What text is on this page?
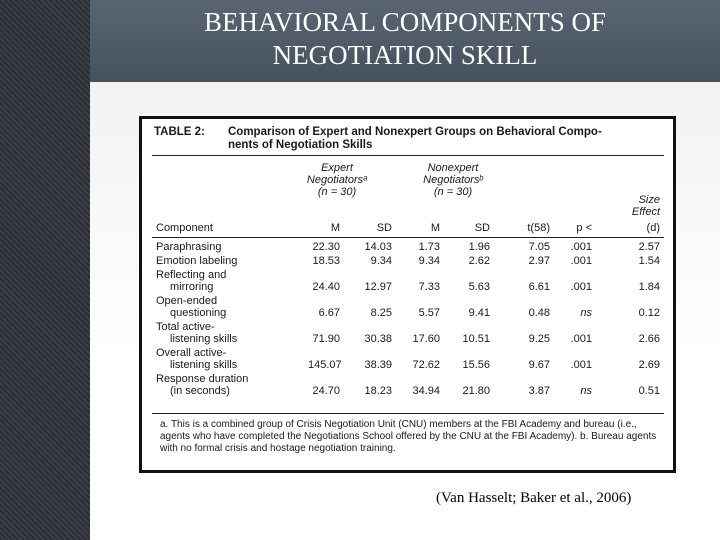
BEHAVIORAL COMPONENTS OF
NEGOTIATION SKILL
TABLE 2: Comparison of Expert and Nonexpert Groups on Behavioral Compo-
nents of Negotiation Skills
Expert
Negotiatorsᵃ
(n = 30)
Nonexpert
Negotiatorsᵇ
(n = 30)
Size
Effect
Component	M	SD	M	SD	t(58)	p <	(d)
Paraphrasing	22.30	14.03	1.73	1.96	7.05	.001	2.57
Emotion labeling	18.53	9.34	9.34	2.62	2.97	.001	1.54
Reflecting and
mirroring	24.40	12.97	7.33	5.63	6.61	.001	1.84
Open-ended
questioning	6.67	8.25	5.57	9.41	0.48	ns	0.12
Total active-
listening skills	71.90	30.38	17.60	10.51	9.25	.001	2.66
Overall active-
listening skills	145.07	38.39	72.62	15.56	9.67	.001	2.69
Response duration
(in seconds)	24.70	18.23	34.94	21.80	3.87	ns	0.51
a. This is a combined group of Crisis Negotiation Unit (CNU) members at the FBI Academy and bureau (i.e., agents who have completed the Negotiations School offered by the CNU at the FBI Academy). b. Bureau agents with no formal crisis and hostage negotiation training.
(Van Hasselt; Baker et al., 2006)
